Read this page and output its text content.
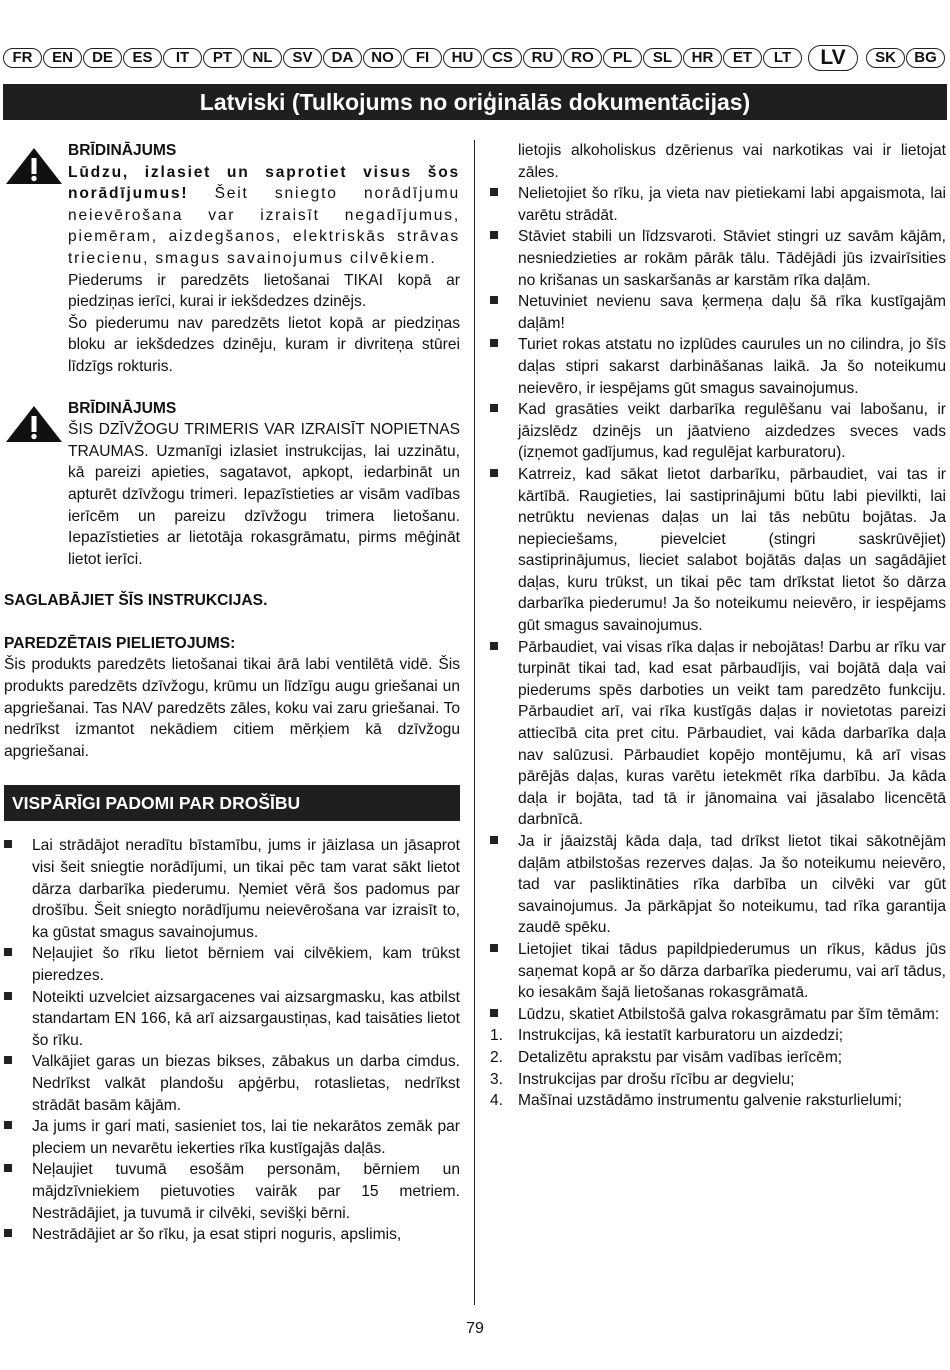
FR	EN	DE	ES	IT	PT	NL	SV	DA	NO	FI	HU	CS	RU	RO	PL	SL	HR	ET	LT	LV	SK	BG
Latviski (Tulkojums no oriģinālās dokumentācijas)

BRĪDINĀJUMS

Lūdzu, izlasiet un saprotiet visus šos norādījumus! Šeit sniegto norādījumu neievērošana var izraisīt negadījumus, piemēram, aizdegšanos, elektriskās strāvas triecienu, smagus savainojumus cilvēkiem.

Piederums ir paredzēts lietošanai TIKAI kopā ar piedziņas ierīci, kurai ir iekšdedzes dzinējs.

Šo piederumu nav paredzēts lietot kopā ar piedziņas bloku ar iekšdedzes dzinēju, kuram ir divriteņa stūrei līdzīgs rokturis.

BRĪDINĀJUMS

ŠIS DZĪVŽOGU TRIMERIS VAR IZRAISĪT NOPIETNAS TRAUMAS. Uzmanīgi izlasiet instrukcijas, lai uzzinātu, kā pareizi apieties, sagatavot, apkopt, iedarbināt un apturēt dzīvžogu trimeri. Iepazīstieties ar visām vadības ierīcēm un pareizu dzīvžogu trimera lietošanu. Iepazīstieties ar lietotāja rokasgrāmatu, pirms mēģināt lietot ierīci.

SAGLABĀJIET ŠĪS INSTRUKCIJAS.

PAREDZĒTAIS PIELIETOJUMS:

Šis produkts paredzēts lietošanai tikai ārā labi ventilētā vidē. Šis produkts paredzēts dzīvžogu, krūmu un līdzīgu augu griešanai un apgriešanai. Tas NAV paredzēts zāles, koku vai zaru griešanai. To nedrīkst izmantot nekādiem citiem mērķiem kā dzīvžogu apgriešanai.

VISPĀRĪGI PADOMI PAR DROŠĪBU
Lai strādājot neradītu bīstamību, jums ir jāizlasa un jāsaprot visi šeit sniegtie norādījumi, un tikai pēc tam varat sākt lietot dārza darbarīka piederumu. Ņemiet vērā šos padomus par drošību. Šeit sniegto norādījumu neievērošana var izraisīt to, ka gūstat smagus savainojumus.
Neļaujiet šo rīku lietot bērniem vai cilvēkiem, kam trūkst pieredzes.
Noteikti uzvelciet aizsargacenes vai aizsargmasku, kas atbilst standartam EN 166, kā arī aizsargaustiņas, kad taisāties lietot šo rīku.
Valkājiet garas un biezas bikses, zābakus un darba cimdus. Nedrīkst valkāt plandošu apģērbu, rotaslietas, nedrīkst strādāt basām kājām.
Ja jums ir gari mati, sasieniet tos, lai tie nekarātos zemāk par pleciem un nevarētu iekerties rīka kustīgajās daļās.
Neļaujiet tuvumā esošām personām, bērniem un mājdzīvniekiem pietuvoties vairāk par 15 metriem. Nestrādājiet, ja tuvumā ir cilvēki, sevišķi bērni.
Nestrādājiet ar šo rīku, ja esat stipri noguris, apslimis,

lietojis alkoholiskus dzērienus vai narkotikas vai ir lietojat zāles.

Nelietojiet šo rīku, ja vieta nav pietiekami labi apgaismota, lai varētu strādāt.
Stāviet stabili un līdzsvaroti. Stāviet stingri uz savām kājām, nesniedzieties ar rokām pārāk tālu. Tādējādi jūs izvairīsities no krišanas un saskaršanās ar karstām rīka daļām.
Netuviniet nevienu sava ķermeņa daļu šā rīka kustīgajām daļām!
Turiet rokas atstatu no izplūdes caurules un no cilindra, jo šīs daļas stipri sakarst darbināšanas laikā. Ja šo noteikumu neievēro, ir iespējams gūt smagus savainojumus.
Kad grasāties veikt darbarīka regulēšanu vai labošanu, ir jāizslēdz dzinējs un jāatvieno aizdedzes sveces vads (izņemot gadījumus, kad regulējat karburatoru).
Katrreiz, kad sākat lietot darbarīku, pārbaudiet, vai tas ir kārtībā. Raugieties, lai sastiprinājumi būtu labi pievilkti, lai netrūktu nevienas daļas un lai tās nebūtu bojātas. Ja nepieciešams, pievelciet (stingri saskrūvējiet) sastiprinājumus, lieciet salabot bojātās daļas un sagādājiet daļas, kuru trūkst, un tikai pēc tam drīkstat lietot šo dārza darbarīka piederumu! Ja šo noteikumu neievēro, ir iespējams gūt smagus savainojumus.
Pārbaudiet, vai visas rīka daļas ir nebojātas! Darbu ar rīku var turpināt tikai tad, kad esat pārbaudījis, vai bojātā daļa vai piederums spēs darboties un veikt tam paredzēto funkciju. Pārbaudiet arī, vai rīka kustīgās daļas ir novietotas pareizi attiecībā cita pret citu. Pārbaudiet, vai kāda darbarīka daļa nav salūzusi. Pārbaudiet kopējo montējumu, kā arī visas pārējās daļas, kuras varētu ietekmēt rīka darbību. Ja kāda daļa ir bojāta, tad tā ir jānomaina vai jāsalabo licencētā darbnīcā.
Ja ir jāaizstāj kāda daļa, tad drīkst lietot tikai sākotnējām daļām atbilstošas rezerves daļas. Ja šo noteikumu neievēro, tad var pasliktināties rīka darbība un cilvēki var gūt savainojumus. Ja pārkāpjat šo noteikumu, tad rīka garantija zaudē spēku.
Lietojiet tikai tādus papildpiederumus un rīkus, kādus jūs saņemat kopā ar šo dārza darbarīka piederumu, vai arī tādus, ko iesakām šajā lietošanas rokasgrāmatā.
Lūdzu, skatiet Atbilstošā galva rokasgrāmatu par šīm tēmām:
1. Instrukcijas, kā iestatīt karburatoru un aizdedzi;
2. Detalizētu aprakstu par visām vadības ierīcēm;
3. Instrukcijas par drošu rīcību ar degvielu;
4. Mašīnai uzstādāmo instrumentu galvenie raksturlielumi;
79
